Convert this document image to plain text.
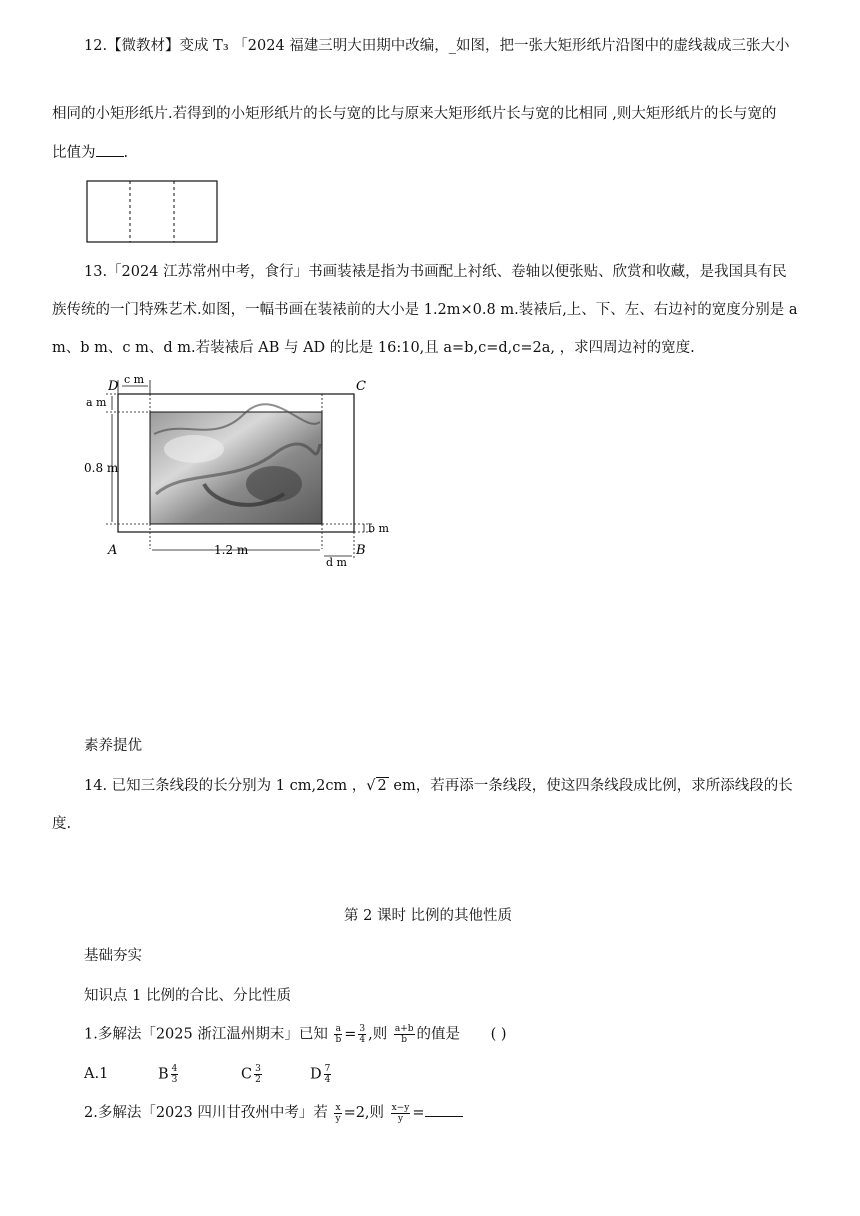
12.【微教材】变成 T₃ 「2024 福建三明大田期中改编，_如图，把一张大矩形纸片沿图中的虚线裁成三张大小
相同的小矩形纸片.若得到的小矩形纸片的长与宽的比与原来大矩形纸片长与宽的比相同 ,则大矩形纸片的长与宽的
比值为 .
13.「2024 江苏常州中考，食行」书画装裱是指为书画配上衬纸、卷轴以便张贴、欣赏和收藏，是我国具有民
族传统的一门特殊艺术.如图，一幅书画在装裱前的大小是 1.2m×0.8 m.装裱后,上、下、左、右边衬的宽度分别是 a
m、b m、c m、d m.若装裱后 AB 与 AD 的比是 16:10,且 a=b,c=d,c=2a, ，求四周边衬的宽度.
D	C
A	B
c m
a m
0.8 m
b m
1.2 m
d m
素养提优
14. 已知三条线段的长分别为 1 cm,2cm ，√ 2 em，若再添一条线段，使这四条线段成比例，求所添线段的长
度.
第 2 课时 比例的其他性质
基础夯实
知识点 1 比例的合比、分比性质
1.多解法「2025 浙江温州期末」已知 $\frac{a}{b} = \frac{3}{4}$ ,则 $\frac{a+b}{b}$ 的值是 ( )
A.1	B $\frac{4}{3}$	C $\frac{3}{2}$	D $\frac{7}{4}$
2.多解法「2023 四川甘孜州中考」若 $\frac{x}{y} =2$,则 $\frac{x-y}{y}$ =
